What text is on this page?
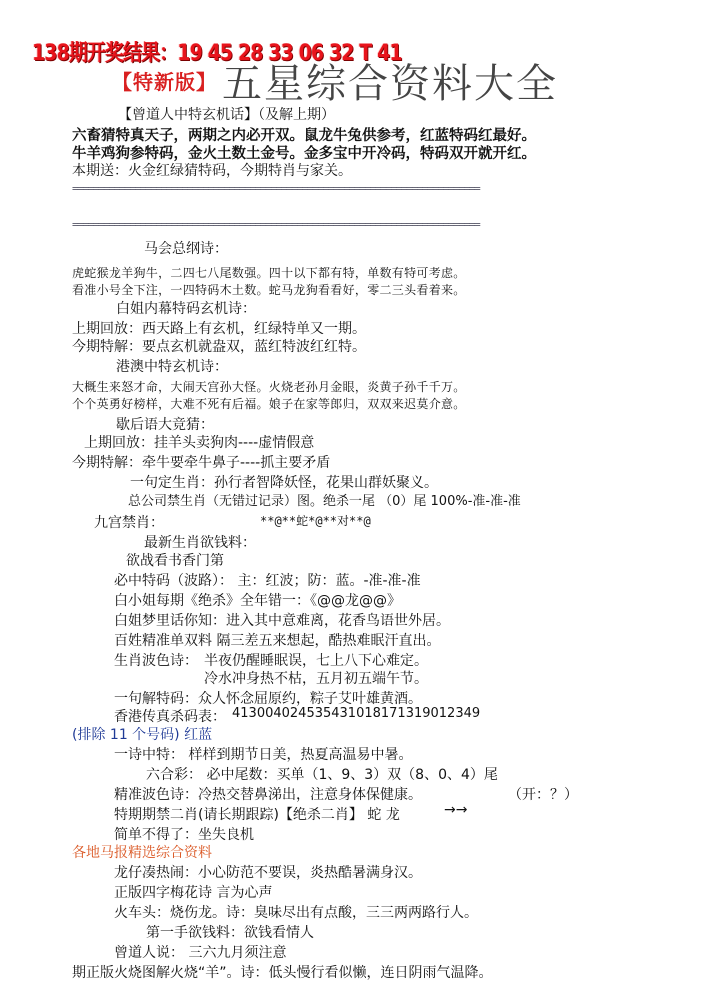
138期开奖结果：19 45 28 33 06 32 T 41
【特新版】 五星综合资料大全
【曾道人中特玄机话】（及解上期）
六畜猜特真天子，两期之内必开双。鼠龙牛兔供参考，红蓝特码红最好。
牛羊鸡狗参特码，金火土数土金号。金多宝中开冷码，特码双开就开红。
本期送：火金红绿猜特码，今期特肖与家关。
==============================================================================
==============================================================================
马会总纲诗：
虎蛇猴龙羊狗牛，二四七八尾数强。四十以下都有特，单数有特可考虑。
看准小号全下注，一四特码木土数。蛇马龙狗看看好，零二三头看着来。
白姐内幕特码玄机诗：
上期回放：西天路上有玄机，红绿特单又一期。
今期特解：要点玄机就盎双，蓝红特波红红特。
港澳中特玄机诗：
大概生来怒才命，大闹天宫孙大怪。火烧老孙月金眼，炎黄子孙千千万。
个个英勇好榜样，大难不死有后福。娘子在家等郎归，双双来迟莫介意。
歇后语大竞猜：
上期回放：挂羊头卖狗肉----虚情假意
今期特解：牵牛要牵牛鼻子----抓主要矛盾
一句定生肖：孙行者智降妖怪，花果山群妖聚义。
总公司禁生肖（无错过记录）图。绝杀一尾 （0）尾 100%-准-准-准
九宫禁肖：	**@**蛇*@**对**@
最新生肖欲钱料：
欲战看书香门第
必中特码（波路）： 主：红波；防：蓝。-准-准-准
白小姐每期《绝杀》全年错一：《@@龙@@》
白姐梦里话你知：进入其中意难离，花香鸟语世外居。
百姓精准单双料 隔三差五来想起，酷热难眠汗直出。
生肖波色诗： 半夜仍醒睡眠误，七上八下心难定。
冷水冲身热不枯，五月初五端午节。
一句解特码：众人怀念屈原约，粽子艾叶雄黄酒。
香港传真杀码表： 413004024535431018171319012349
(排除 11 个号码) 红蓝
一诗中特： 样样到期节日美，热夏高温易中暑。
六合彩： 必中尾数：买单（1、9、3）双（8、0、4）尾
精准波色诗：冷热交替鼻涕出，注意身体保健康。	（开：？）
特期期禁二肖(请长期跟踪)【绝杀二肖】 蛇 龙	→→
简单不得了：坐失良机
各地马报精选综合资料
龙仔凑热闹：小心防范不要误，炎热酷暑满身汉。
正版四字梅花诗 言为心声
火车头：烧伤龙。诗：臭味尽出有点酸，三三两两路行人。
第一手欲钱料：欲钱看情人
曾道人说： 三六九月须注意
期正版火烧图解火烧“羊”。诗：低头慢行看似懒，连日阴雨气温降。
